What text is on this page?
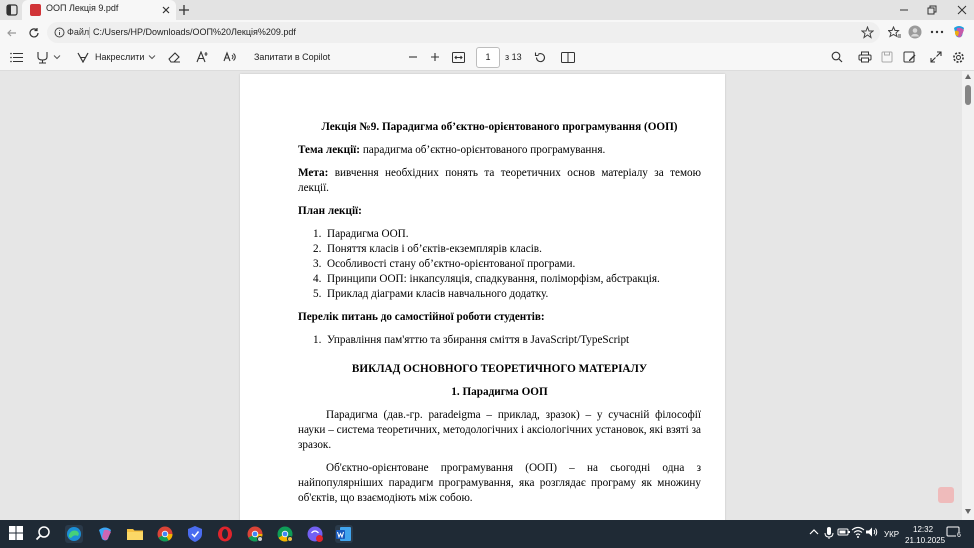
ООП Лекція 9.pdf
Файл C:/Users/HP/Downloads/ООП%20Лекція%209.pdf
Накреслити	Запитати в Copilot	1	з 13

Лекція №9. Парадигма об’єктно-орієнтованого програмування (ООП)

Тема лекції: парадигма об’єктно-орієнтованого програмування.

Мета: вивчення необхідних понять та теоретичних основ матеріалу за темою лекції.

План лекції:

1. Парадигма ООП.
2. Поняття класів і об’єктів-екземплярів класів.
3. Особливості стану об’єктно-орієнтованої програми.
4. Принципи ООП: інкапсуляція, спадкування, поліморфізм, абстракція.
5. Приклад діаграми класів навчального додатку.

Перелік питань до самостійної роботи студентів:

1. Управління пам'яттю та збирання сміття в JavaScript/TypeScript

ВИКЛАД ОСНОВНОГО ТЕОРЕТИЧНОГО МАТЕРІАЛУ

1. Парадигма ООП

Парадигма (дав.-гр. paradeigma – приклад, зразок) – у сучасній філософії науки – система теоретичних, методологічних і аксіологічних установок, які взяті за зразок.

Об'єктно-орієнтоване програмування (ООП) – на сьогодні одна з найпопулярніших парадигм програмування, яка розглядає програму як множину об'єктів, що взаємодіють між собою.

УКР
12:32
21.10.2025
6
